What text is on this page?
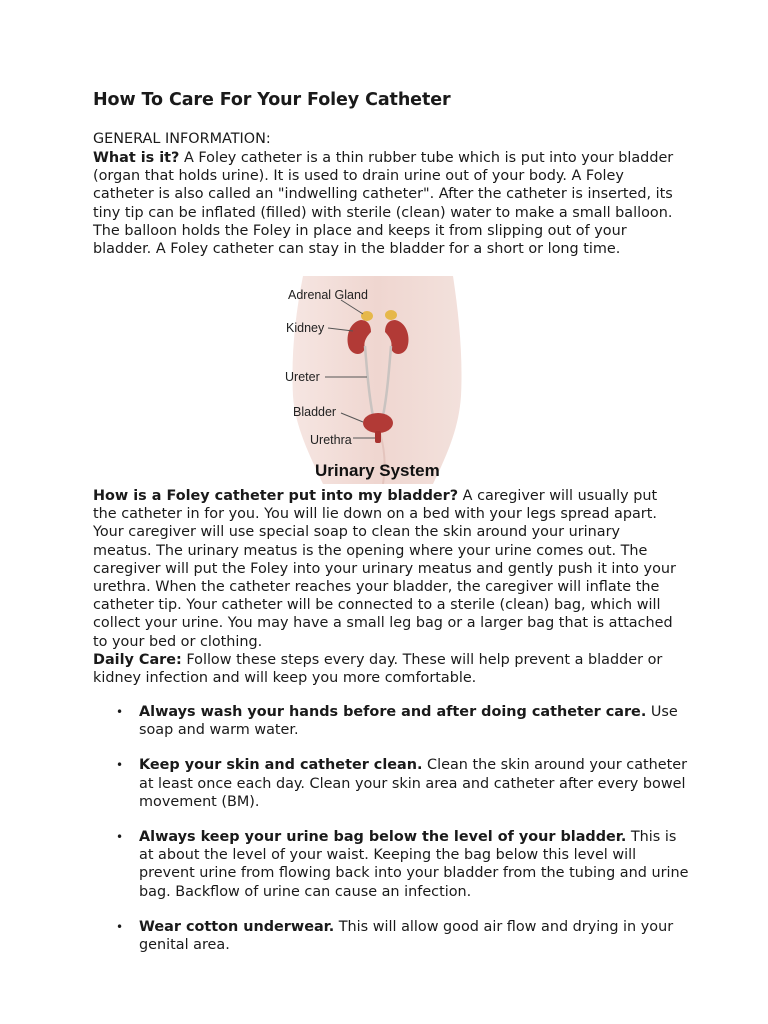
How To Care For Your Foley Catheter
GENERAL INFORMATION:

What is it? A Foley catheter is a thin rubber tube which is put into your bladder (organ that holds urine). It is used to drain urine out of your body. A Foley catheter is also called an "indwelling catheter". After the catheter is inserted, its tiny tip can be inflated (filled) with sterile (clean) water to make a small balloon. The balloon holds the Foley in place and keeps it from slipping out of your bladder. A Foley catheter can stay in the bladder for a short or long time.

Adrenal Gland
Kidney
Ureter
Bladder
Urethra
Urinary System

How is a Foley catheter put into my bladder? A caregiver will usually put the catheter in for you. You will lie down on a bed with your legs spread apart. Your caregiver will use special soap to clean the skin around your urinary meatus. The urinary meatus is the opening where your urine comes out. The caregiver will put the Foley into your urinary meatus and gently push it into your urethra. When the catheter reaches your bladder, the caregiver will inflate the catheter tip. Your catheter will be connected to a sterile (clean) bag, which will collect your urine. You may have a small leg bag or a larger bag that is attached to your bed or clothing.

Daily Care: Follow these steps every day. These will help prevent a bladder or kidney infection and will keep you more comfortable.

• Always wash your hands before and after doing catheter care. Use soap and warm water.
• Keep your skin and catheter clean. Clean the skin around your catheter at least once each day. Clean your skin area and catheter after every bowel movement (BM).
• Always keep your urine bag below the level of your bladder. This is at about the level of your waist. Keeping the bag below this level will prevent urine from flowing back into your bladder from the tubing and urine bag. Backflow of urine can cause an infection.
• Wear cotton underwear. This will allow good air flow and drying in your genital area.
